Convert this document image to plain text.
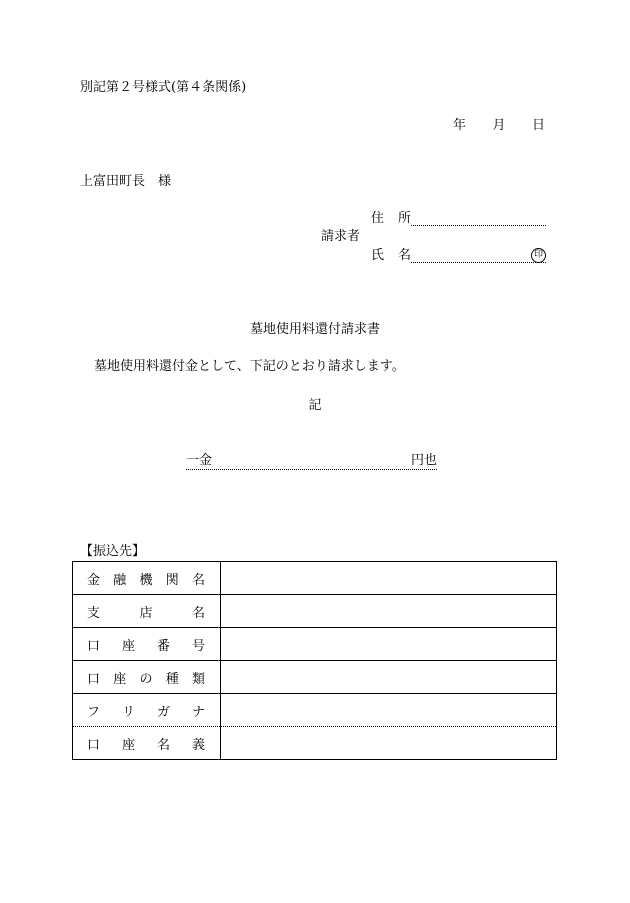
別記第２号様式(第４条関係)
年 月 日
上富田町長　様
請求者
住 所
氏 名	印
墓地使用料還付請求書
墓地使用料還付金として、下記のとおり請求します。
記
一金	円也
【振込先】
金 融 機 関 名	

支 店 名	

口 座 番 号	

口 座 の 種 類	

フ リ ガ ナ	

口 座 名 義	
